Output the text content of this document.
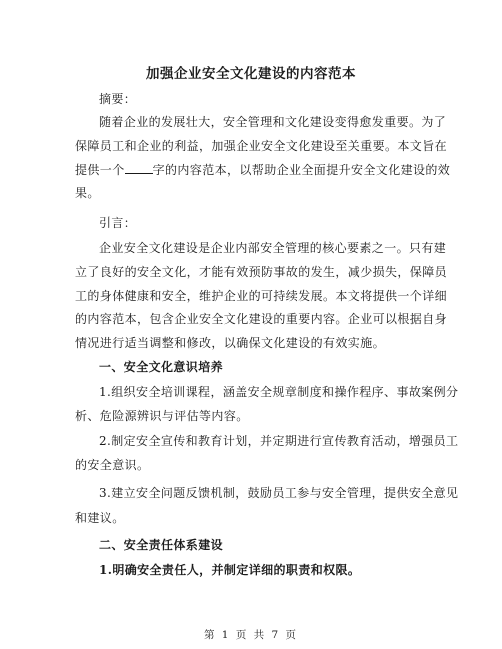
加强企业安全文化建设的内容范本
摘要：
随着企业的发展壮大，安全管理和文化建设变得愈发重要。为了
保障员工和企业的利益，加强企业安全文化建设至关重要。本文旨在
提供一个 字的内容范本，以帮助企业全面提升安全文化建设的效
果。
引言：
企业安全文化建设是企业内部安全管理的核心要素之一。只有建
立了良好的安全文化，才能有效预防事故的发生，减少损失，保障员
工的身体健康和安全，维护企业的可持续发展。本文将提供一个详细
的内容范本，包含企业安全文化建设的重要内容。企业可以根据自身
情况进行适当调整和修改，以确保文化建设的有效实施。
一、安全文化意识培养
1.组织安全培训课程，涵盖安全规章制度和操作程序、事故案例分
析、危险源辨识与评估等内容。
2.制定安全宣传和教育计划，并定期进行宣传教育活动，增强员工
的安全意识。
3.建立安全问题反馈机制，鼓励员工参与安全管理，提供安全意见
和建议。
二、安全责任体系建设
1.明确安全责任人，并制定详细的职责和权限。
第 1 页 共 7 页
